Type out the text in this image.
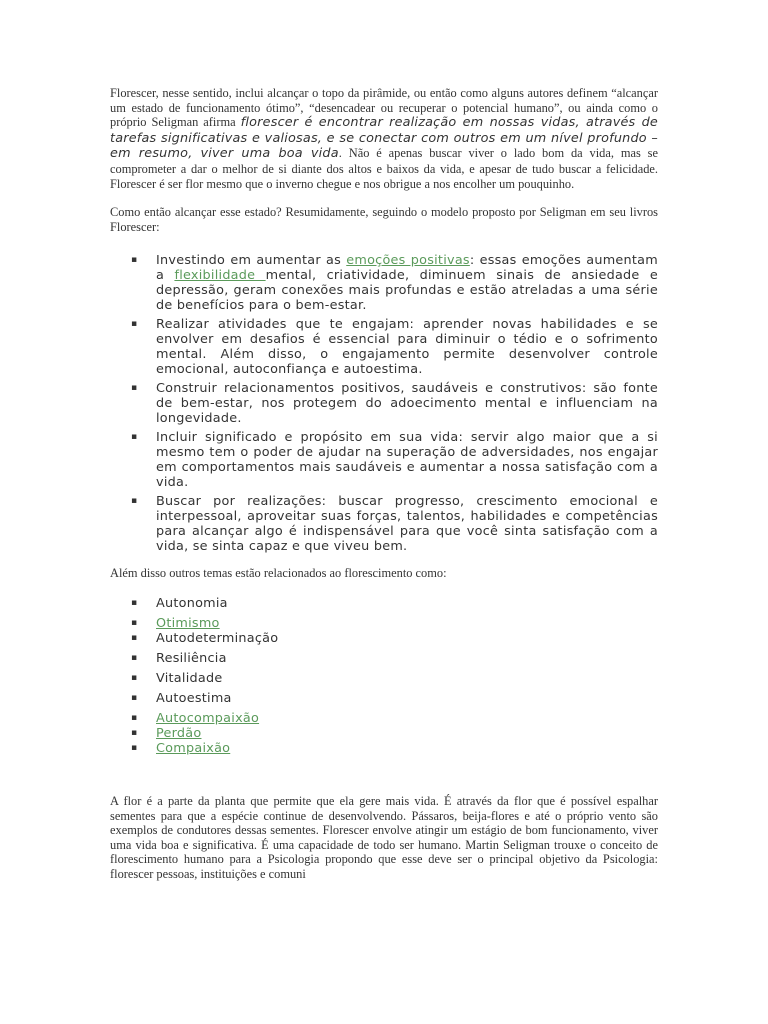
Florescer, nesse sentido, inclui alcançar o topo da pirâmide, ou então como alguns autores definem “alcançar um estado de funcionamento ótimo”, “desencadear ou recuperar o potencial humano”, ou ainda como o próprio Seligman afirma florescer é encontrar realização em nossas vidas, através de tarefas significativas e valiosas, e se conectar com outros em um nível profundo – em resumo, viver uma boa vida. Não é apenas buscar viver o lado bom da vida, mas se comprometer a dar o melhor de si diante dos altos e baixos da vida, e apesar de tudo buscar a felicidade. Florescer é ser flor mesmo que o inverno chegue e nos obrigue a nos encolher um pouquinho.

Como então alcançar esse estado? Resumidamente, seguindo o modelo proposto por Seligman em seu livros Florescer:

▪ Investindo em aumentar as emoções positivas: essas emoções aumentam a flexibilidade mental, criatividade, diminuem sinais de ansiedade e depressão, geram conexões mais profundas e estão atreladas a uma série de benefícios para o bem-estar.
▪ Realizar atividades que te engajam: aprender novas habilidades e se envolver em desafios é essencial para diminuir o tédio e o sofrimento mental. Além disso, o engajamento permite desenvolver controle emocional, autoconfiança e autoestima.
▪ Construir relacionamentos positivos, saudáveis e construtivos: são fonte de bem-estar, nos protegem do adoecimento mental e influenciam na longevidade.
▪ Incluir significado e propósito em sua vida: servir algo maior que a si mesmo tem o poder de ajudar na superação de adversidades, nos engajar em comportamentos mais saudáveis e aumentar a nossa satisfação com a vida.
▪ Buscar por realizações: buscar progresso, crescimento emocional e interpessoal, aproveitar suas forças, talentos, habilidades e competências para alcançar algo é indispensável para que você sinta satisfação com a vida, se sinta capaz e que viveu bem.

Além disso outros temas estão relacionados ao florescimento como:

▪ Autonomia
▪ Otimismo
▪ Autodeterminação
▪ Resiliência
▪ Vitalidade
▪ Autoestima
▪ Autocompaixão
▪ Perdão
▪ Compaixão

A flor é a parte da planta que permite que ela gere mais vida. É através da flor que é possível espalhar sementes para que a espécie continue de desenvolvendo. Pássaros, beija-flores e até o próprio vento são exemplos de condutores dessas sementes. Florescer envolve atingir um estágio de bom funcionamento, viver uma vida boa e significativa. É uma capacidade de todo ser humano. Martin Seligman trouxe o conceito de florescimento humano para a Psicologia propondo que esse deve ser o principal objetivo da Psicologia: florescer pessoas, instituições e comuni
